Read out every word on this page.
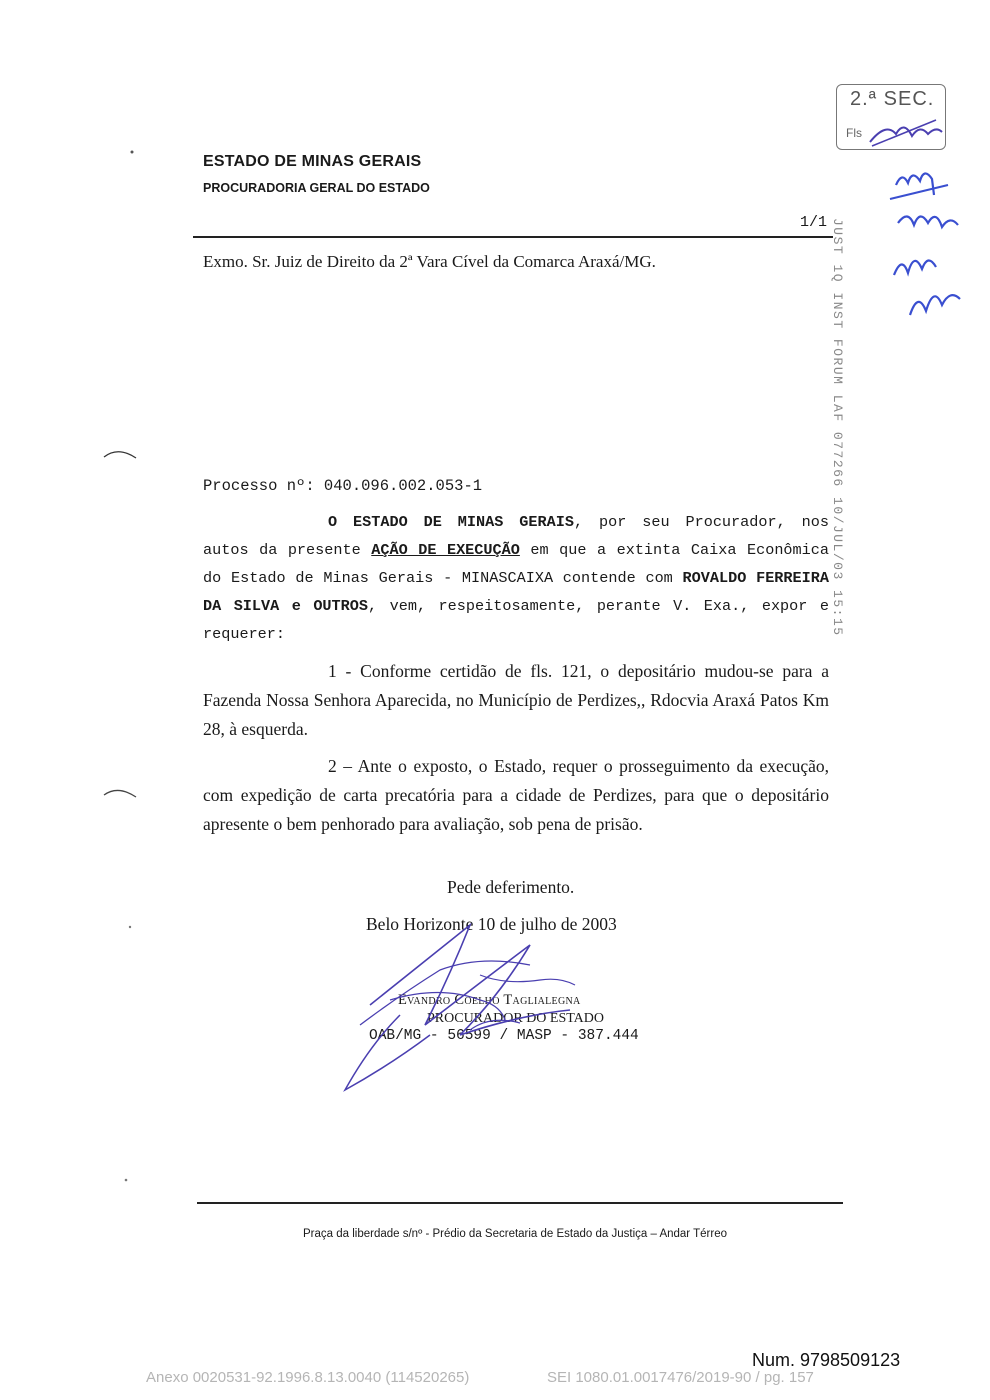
ESTADO DE MINAS GERAIS
PROCURADORIA GERAL DO ESTADO
1/1
2.ª SEC.
Fls
JUST 1Q INST FORUM LAF 077266 10/JUL/03 15:15
Exmo. Sr. Juiz de Direito da 2ª Vara Cível da Comarca Araxá/MG.
Processo nº: 040.096.002.053-1

O ESTADO DE MINAS GERAIS, por seu Procurador, nos autos da presente AÇÃO DE EXECUÇÃO em que a extinta Caixa Econômica do Estado de Minas Gerais - MINASCAIXA contende com ROVALDO FERREIRA DA SILVA e OUTROS, vem, respeitosamente, perante V. Exa., expor e requerer:

1 - Conforme certidão de fls. 121, o depositário mudou-se para a Fazenda Nossa Senhora Aparecida, no Município de Perdizes,, Rdocvia Araxá Patos Km 28, à esquerda.

2 – Ante o exposto, o Estado, requer o prosseguimento da execução, com expedição de carta precatória para a cidade de Perdizes, para que o depositário apresente o bem penhorado para avaliação, sob pena de prisão.

Pede deferimento.
Belo Horizonte 10 de julho de 2003
Evandro Coelho Taglialegna
PROCURADOR DO ESTADO
OAB/MG - 56599 / MASP - 387.444
Praça da liberdade s/nº - Prédio da Secretaria de Estado da Justiça – Andar Térreo
Num. 9798509123
Anexo 0020531-92.1996.8.13.0040 (114520265)	SEI 1080.01.0017476/2019-90 / pg. 157
